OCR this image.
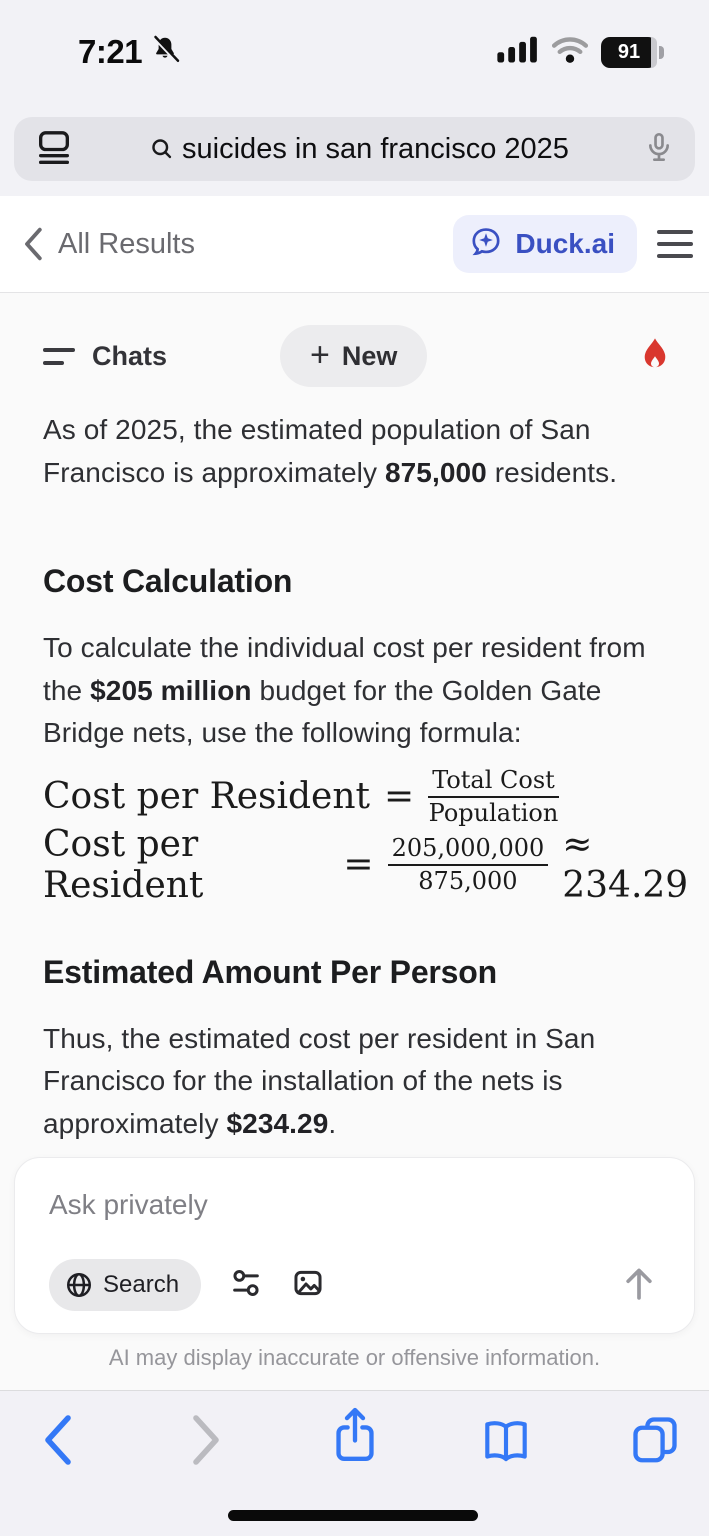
7:21	91
suicides in san francisco 2025
All Results	Duck.ai
Chats	+ New

As of 2025, the estimated population of San Francisco is approximately 875,000 residents.

Cost Calculation

To calculate the individual cost per resident from the $205 million budget for the Golden Gate Bridge nets, use the following formula:

Cost per Resident = $\frac{\text{Total Cost}}{\text{Population}}$
Cost per Resident	= $\frac{205,000,000}{875,000} \approx 234.29$
Estimated Amount Per Person

Thus, the estimated cost per resident in San Francisco for the installation of the nets is approximately $234.29.

Ask privately
Search
AI may display inaccurate or offensive information.
